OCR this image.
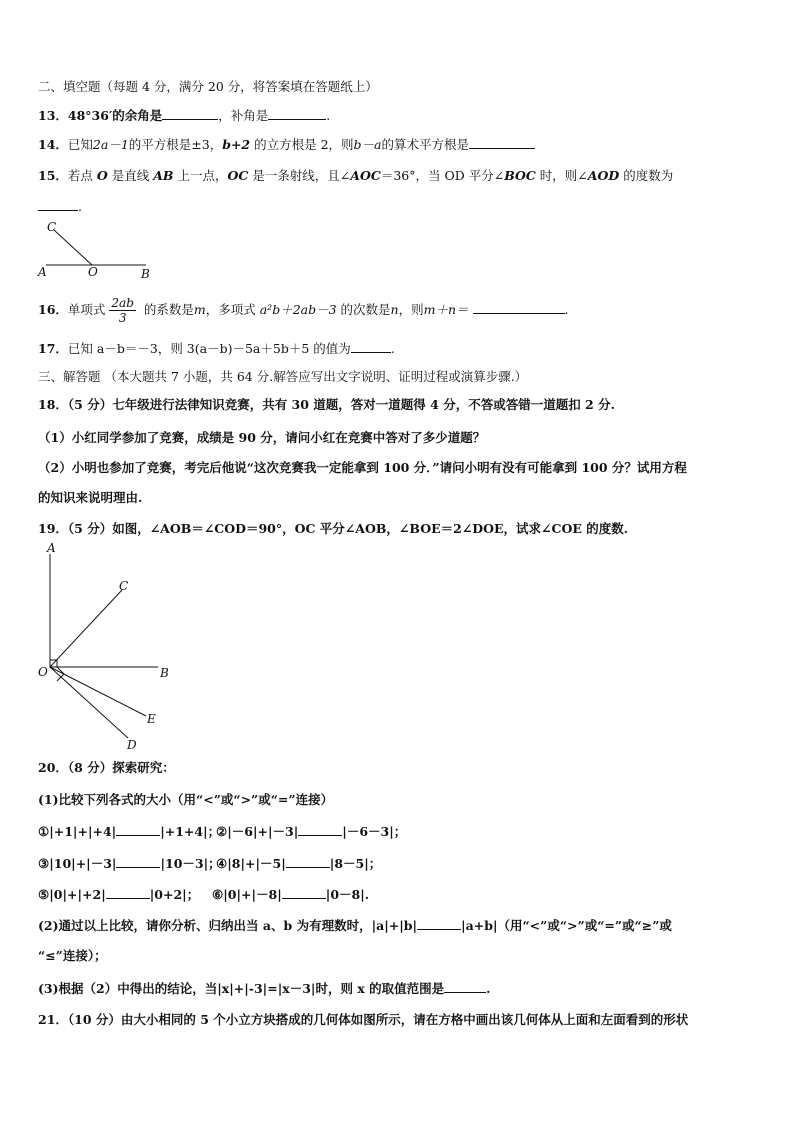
二、填空题（每题 4 分，满分 20 分，将答案填在答题纸上）
13．48°36′的余角是	，补角是	.
14．已知2a－1的平方根是±3，b+2 的立方根是 2，则b－a的算术平方根是
15．若点 O 是直线 AB 上一点，OC 是一条射线，且∠AOC＝36°，当 OD 平分∠BOC 时，则∠AOD 的度数为
.
C
A	O	B
16．单项式 $\frac{2ab}{3}$ 的系数是m，多项式 a²b＋2ab－3 的次数是n，则m＋n＝	.
17．已知 a－b＝－3，则 3(a－b)－5a＋5b＋5 的值为	.
三、解答题 （本大题共 7 小题，共 64 分.解答应写出文字说明、证明过程或演算步骤.）
18．（5 分）七年级进行法律知识竞赛，共有 30 道题，答对一道题得 4 分，不答或答错一道题扣 2 分.
（1）小红同学参加了竞赛，成绩是 90 分，请问小红在竞赛中答对了多少道题？
（2）小明也参加了竞赛，考完后他说“这次竞赛我一定能拿到 100 分．”请问小明有没有可能拿到 100 分？试用方程
的知识来说明理由.
19．（5 分）如图，∠AOB＝∠COD＝90°，OC 平分∠AOB，∠BOE＝2∠DOE，试求∠COE 的度数.
A
C
O	B
E
D
20．（8 分）探索研究：
(1)比较下列各式的大小（用“<”或“>”或“=”连接）
①|+1|+|+4|	|+1+4|；
②|－6|+|－3|	|－6－3|；
③|10|+|－3|	|10－3|；
④|8|+|－5|	|8－5|；
⑤|0|+|+2|	|0+2|； ⑥|0|+|－8|	|0－8|.
(2)通过以上比较，请你分析、归纳出当 a、b 为有理数时，|a|+|b|	|a+b|（用“<”或“>”或“=”或“≥”或
“≤”连接）；
(3)根据（2）中得出的结论，当|x|+|-3|=|x－3|时，则 x 的取值范围是	.
21．（10 分）由大小相同的 5 个小立方块搭成的几何体如图所示，请在方格中画出该几何体从上面和左面看到的形状
